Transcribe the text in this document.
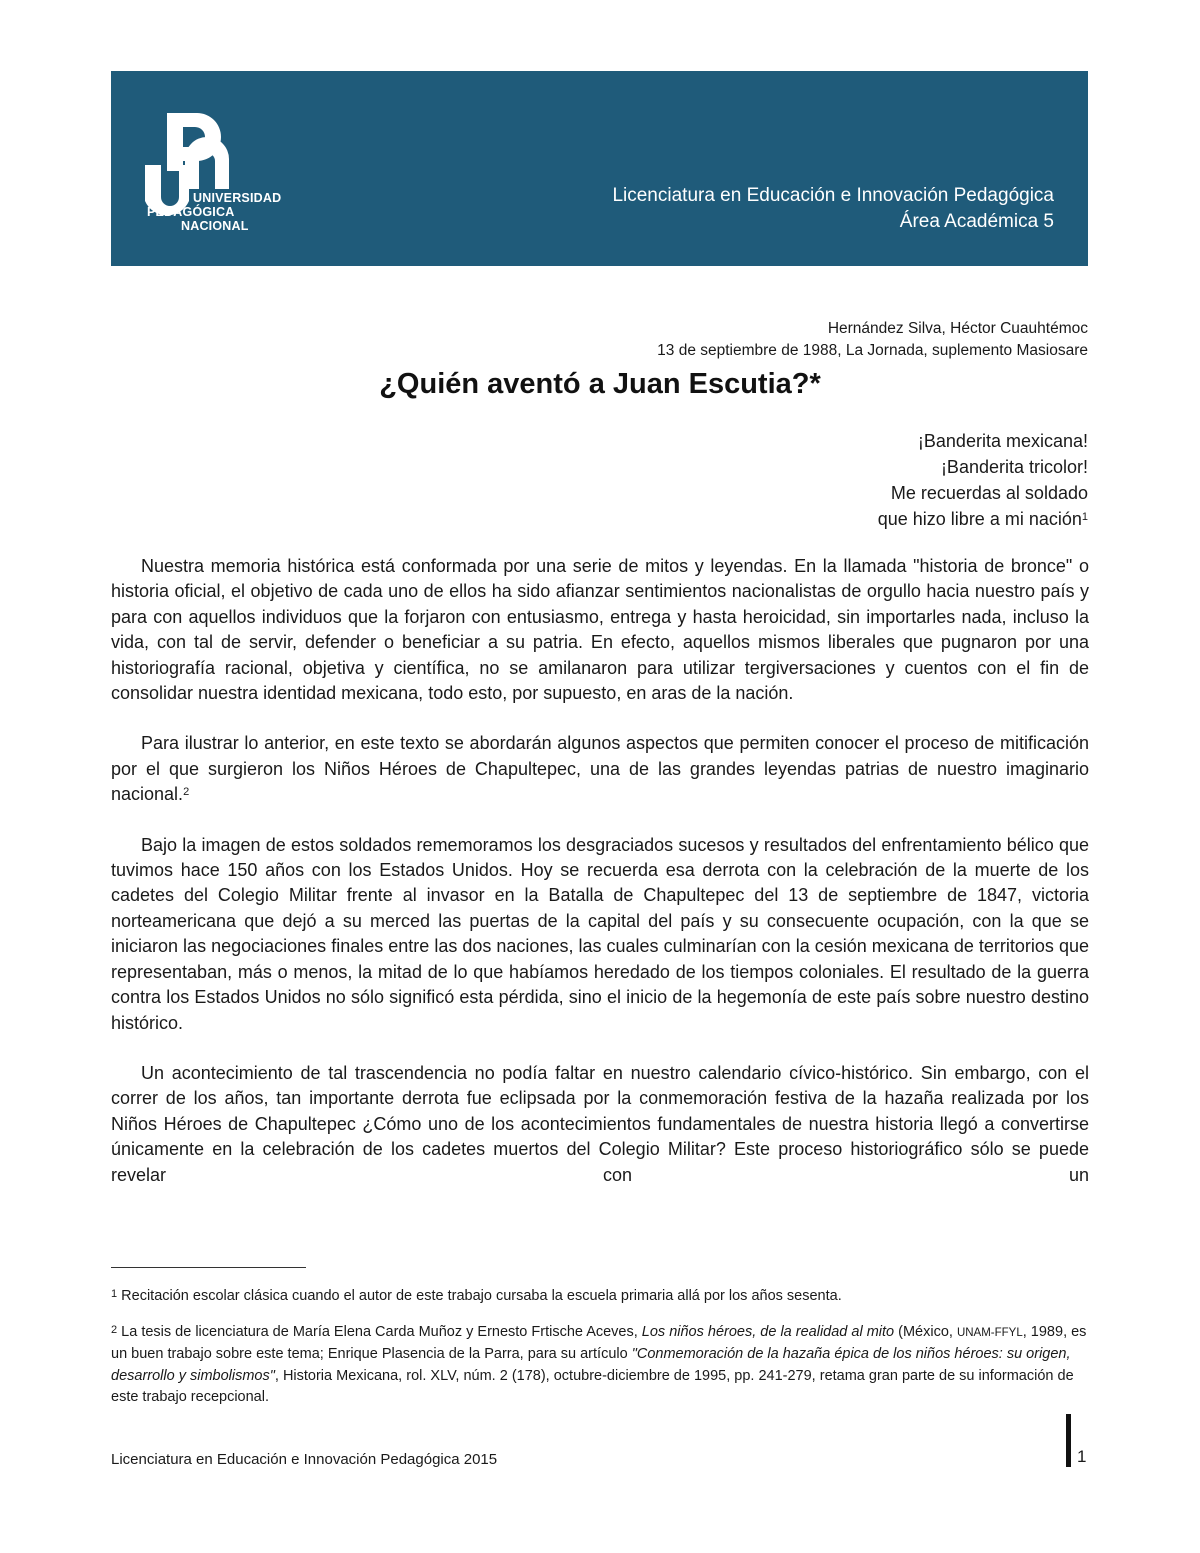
UNIVERSIDAD
PEDAGÓGICA
NACIONAL
Licenciatura en Educación e Innovación Pedagógica
Área Académica 5
Hernández Silva, Héctor Cuauhtémoc
13 de septiembre de 1988, La Jornada, suplemento Masiosare
¿Quién aventó a Juan Escutia?*
¡Banderita mexicana!
¡Banderita tricolor!
Me recuerdas al soldado
que hizo libre a mi nación$^1$

Nuestra memoria histórica está conformada por una serie de mitos y leyendas. En la llamada "historia de bronce" o historia oficial, el objetivo de cada uno de ellos ha sido afianzar sentimientos nacionalistas de orgullo hacia nuestro país y para con aquellos individuos que la forjaron con entusiasmo, entrega y hasta heroicidad, sin importarles nada, incluso la vida, con tal de servir, defender o beneficiar a su patria. En efecto, aquellos mismos liberales que pugnaron por una historiografía racional, objetiva y científica, no se amilanaron para utilizar tergiversaciones y cuentos con el fin de consolidar nuestra identidad mexicana, todo esto, por supuesto, en aras de la nación.

Para ilustrar lo anterior, en este texto se abordarán algunos aspectos que permiten conocer el proceso de mitificación por el que surgieron los Niños Héroes de Chapultepec, una de las grandes leyendas patrias de nuestro imaginario nacional.$^2$

Bajo la imagen de estos soldados rememoramos los desgraciados sucesos y resultados del enfrentamiento bélico que tuvimos hace 150 años con los Estados Unidos. Hoy se recuerda esa derrota con la celebración de la muerte de los cadetes del Colegio Militar frente al invasor en la Batalla de Chapultepec del 13 de septiembre de 1847, victoria norteamericana que dejó a su merced las puertas de la capital del país y su consecuente ocupación, con la que se iniciaron las negociaciones finales entre las dos naciones, las cuales culminarían con la cesión mexicana de territorios que representaban, más o menos, la mitad de lo que habíamos heredado de los tiempos coloniales. El resultado de la guerra contra los Estados Unidos no sólo significó esta pérdida, sino el inicio de la hegemonía de este país sobre nuestro destino histórico.

Un acontecimiento de tal trascendencia no podía faltar en nuestro calendario cívico-histórico. Sin embargo, con el correr de los años, tan importante derrota fue eclipsada por la conmemoración festiva de la hazaña realizada por los Niños Héroes de Chapultepec ¿Cómo uno de los acontecimientos fundamentales de nuestra historia llegó a convertirse únicamente en la celebración de los cadetes muertos del Colegio Militar? Este proceso historiográfico sólo se puede revelar con un

$^1$ Recitación escolar clásica cuando el autor de este trabajo cursaba la escuela primaria allá por los años sesenta.
$^2$ La tesis de licenciatura de María Elena Carda Muñoz y Ernesto Frtische Aceves, Los niños héroes, de la realidad al mito (México, UNAM-FFYL, 1989, es un buen trabajo sobre este tema; Enrique Plasencia de la Parra, para su artículo "Conmemoración de la hazaña épica de los niños héroes: su origen, desarrollo y simbolismos", Historia Mexicana, rol. XLV, núm. 2 (178), octubre-diciembre de 1995, pp. 241-279, retama gran parte de su información de este trabajo recepcional.
Licenciatura en Educación e Innovación Pedagógica 2015	1
